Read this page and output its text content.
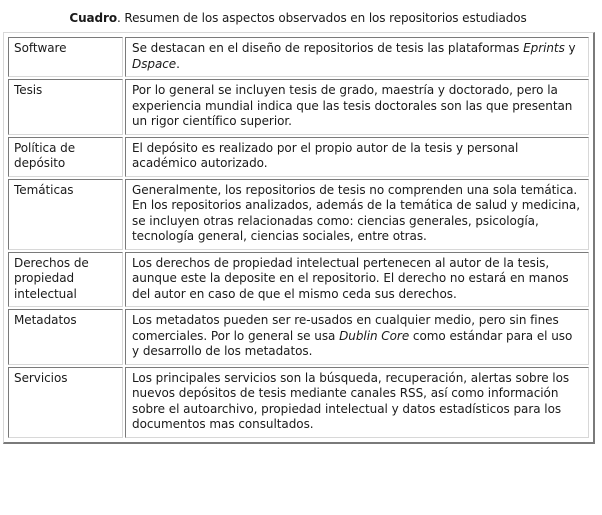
Cuadro. Resumen de los aspectos observados en los repositorios estudiados
Software	Se destacan en el diseño de repositorios de tesis las plataformas Eprints y Dspace.
Tesis	Por lo general se incluyen tesis de grado, maestría y doctorado, pero la experiencia mundial indica que las tesis doctorales son las que presentan un rigor científico superior.
Política de depósito	El depósito es realizado por el propio autor de la tesis y personal académico autorizado.
Temáticas	Generalmente, los repositorios de tesis no comprenden una sola temática. En los repositorios analizados, además de la temática de salud y medicina, se incluyen otras relacionadas como: ciencias generales, psicología, tecnología general, ciencias sociales, entre otras.
Derechos de propiedad intelectual	Los derechos de propiedad intelectual pertenecen al autor de la tesis, aunque este la deposite en el repositorio. El derecho no estará en manos del autor en caso de que el mismo ceda sus derechos.
Metadatos	Los metadatos pueden ser re-usados en cualquier medio, pero sin fines comerciales. Por lo general se usa Dublin Core como estándar para el uso y desarrollo de los metadatos.
Servicios	Los principales servicios son la búsqueda, recuperación, alertas sobre los nuevos depósitos de tesis mediante canales RSS, así como información sobre el autoarchivo, propiedad intelectual y datos estadísticos para los documentos mas consultados.
